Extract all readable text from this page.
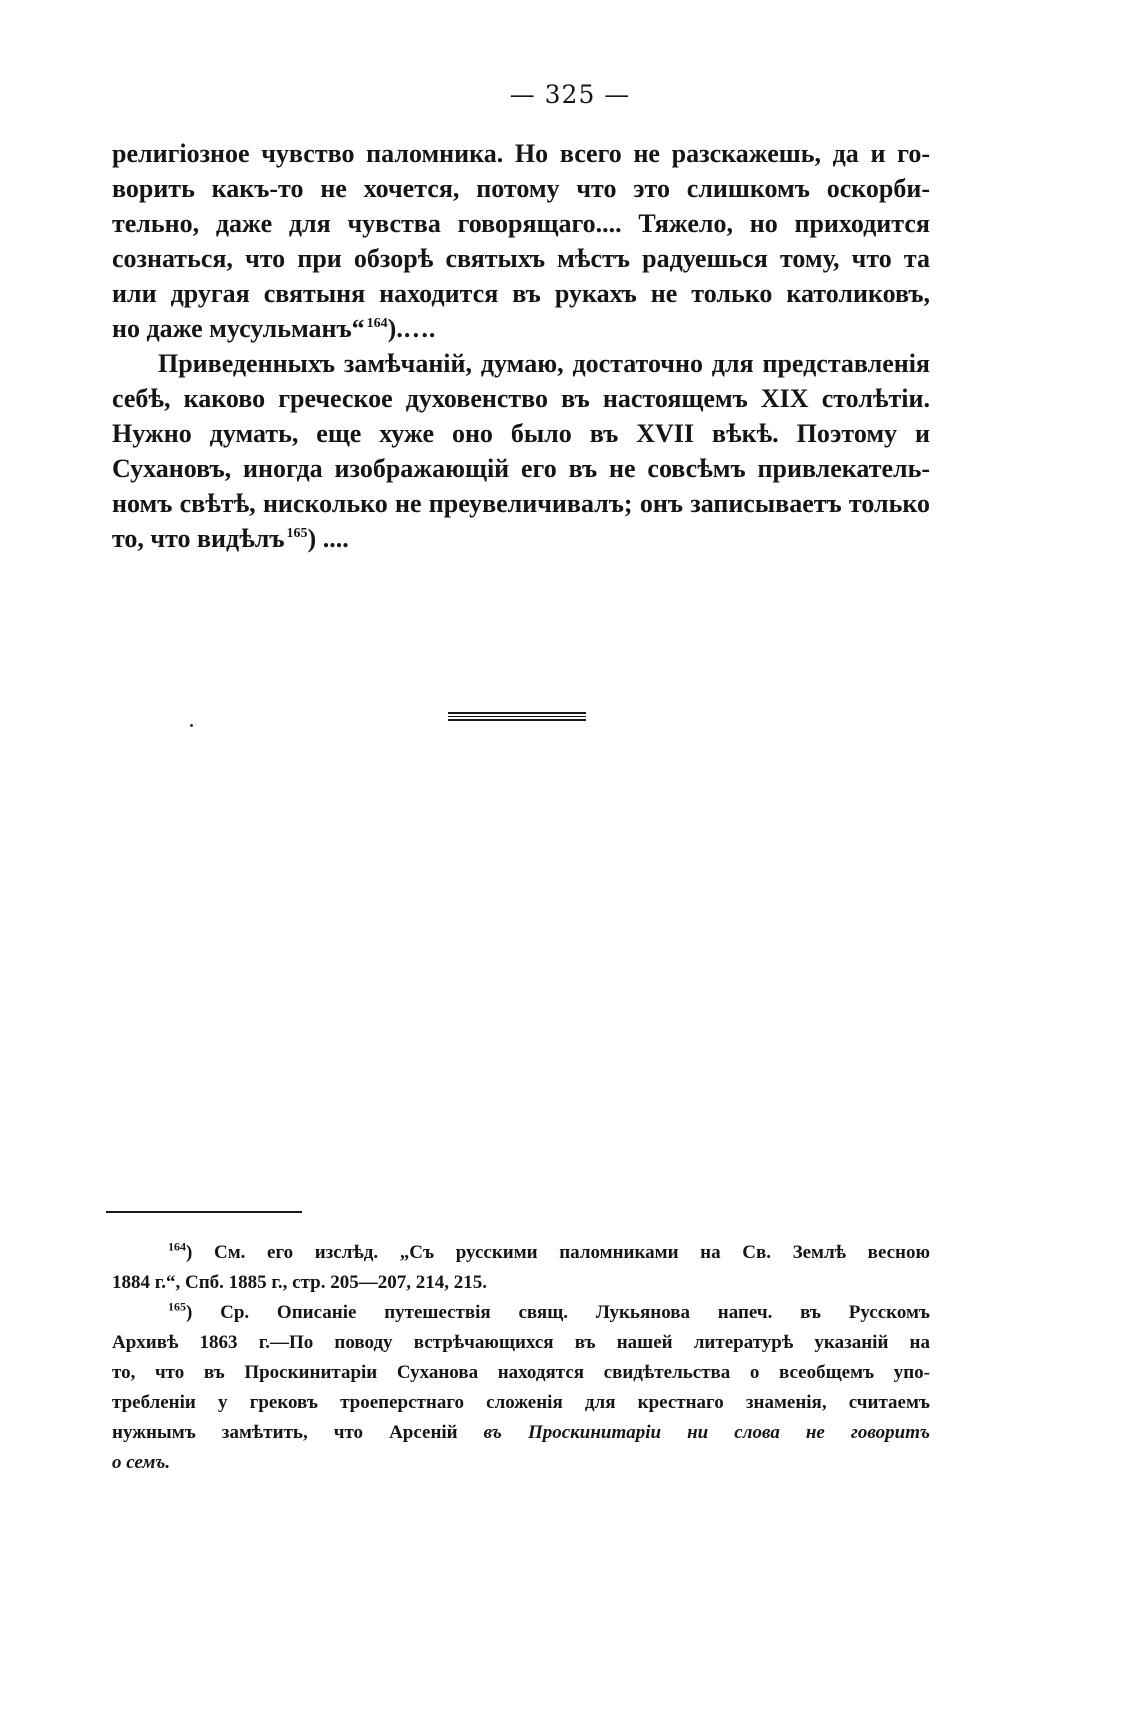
— 325 —
религіозное чувство паломника. Но всего не разскажешь, да и го-
ворить какъ-то не хочется, потому что это слишкомъ оскорби-
тельно, даже для чувства говорящаго.... Тяжело, но приходится
сознаться, что при обзорѣ святыхъ мѣстъ радуешься тому, что та
или другая святыня находится въ рукахъ не только католиковъ,
но даже мусульманъ“ $^{164}$).….
Приведенныхъ замѣчаній, думаю, достаточно для представленія
себѣ, каково греческое духовенство въ настоящемъ XIX столѣтіи.
Нужно думать, еще хуже оно было въ XVII вѣкѣ. Поэтому и
Сухановъ, иногда изображающій его въ не совсѣмъ привлекатель-
номъ свѣтѣ, нисколько не преувеличивалъ; онъ записываетъ только
то, что видѣлъ $^{165}$) ....
$^{164}$) См. его изслѣд. „Съ русскими паломниками на Св. Землѣ весною
1884 г.“, Спб. 1885 г., стр. 205—207, 214, 215.
$^{165}$) Ср. Описаніе путешествія свящ. Лукьянова напеч. въ Русскомъ
Архивѣ 1863 г.—По поводу встрѣчающихся въ нашей литературѣ указаній на
то, что въ Проскинитаріи Суханова находятся свидѣтельства о всеобщемъ упо-
требленіи у грековъ троеперстнаго сложенія для крестнаго знаменія, считаемъ
нужнымъ замѣтить, что Арсеній въ Проскинитаріи ни слова не говоритъ
о семъ.
